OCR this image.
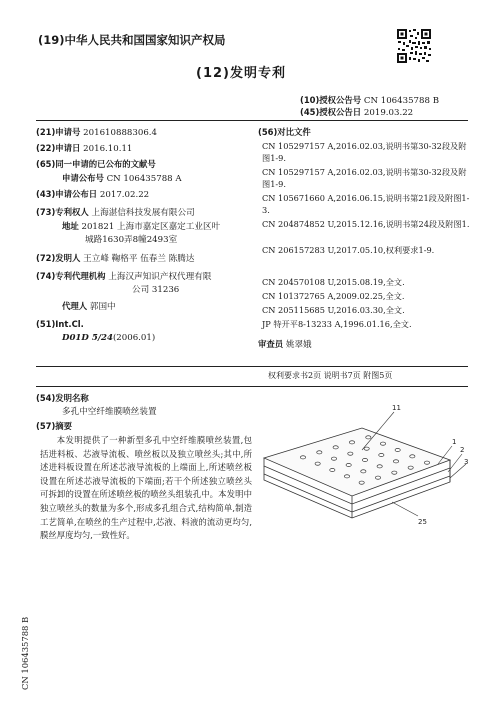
(19)中华人民共和国国家知识产权局
(12)发明专利
(10)授权公告号 CN 106435788 B
(45)授权公告日 2019.03.22
(21)申请号 201610888306.4
(22)申请日 2016.10.11
(65)同一申请的已公布的文献号
申请公布号 CN 106435788 A
(43)申请公布日 2017.02.22
(73)专利权人 上海湛信科技发展有限公司
地址 201821 上海市嘉定区嘉定工业区叶
城路1630弄8幢2493室
(72)发明人 王立峰 鞠格平 伍春兰 陈腾达
(74)专利代理机构 上海汉声知识产权代理有限
公司 31236
代理人 郭国中
(51)Int.Cl.
D01D 5/24(2006.01)
(56)对比文件
CN 105297157 A,2016.02.03,说明书第30-32段及附图1-9.
CN 105297157 A,2016.02.03,说明书第30-32段及附图1-9.
CN 105671660 A,2016.06.15,说明书第21段及附图1-3.
CN 204874852 U,2015.12.16,说明书第24段及附图1.
CN 206157283 U,2017.05.10,权利要求1-9.
CN 204570108 U,2015.08.19,全文.
CN 101372765 A,2009.02.25,全文.
CN 205115685 U,2016.03.30,全文.
JP 特开平8-13233 A,1996.01.16,全文.
审查员 姚翠娥
权利要求书2页 说明书7页 附图5页
(54)发明名称
多孔中空纤维膜喷丝装置
(57)摘要
本发明提供了一种新型多孔中空纤维膜喷丝装置,包括进料板、芯液导流板、喷丝板以及独立喷丝头;其中,所述进料板设置在所述芯液导流板的上端面上,所述喷丝板设置在所述芯液导流板的下端面;若干个所述独立喷丝头可拆卸的设置在所述喷丝板的喷丝头组装孔中。本发明中独立喷丝头的数量为多个,形成多孔组合式,结构简单,制造工艺简单,在喷丝的生产过程中,芯液、料液的流动更均匀,膜丝厚度均匀,一致性好。
11
1
2
3
25
CN 106435788 B
